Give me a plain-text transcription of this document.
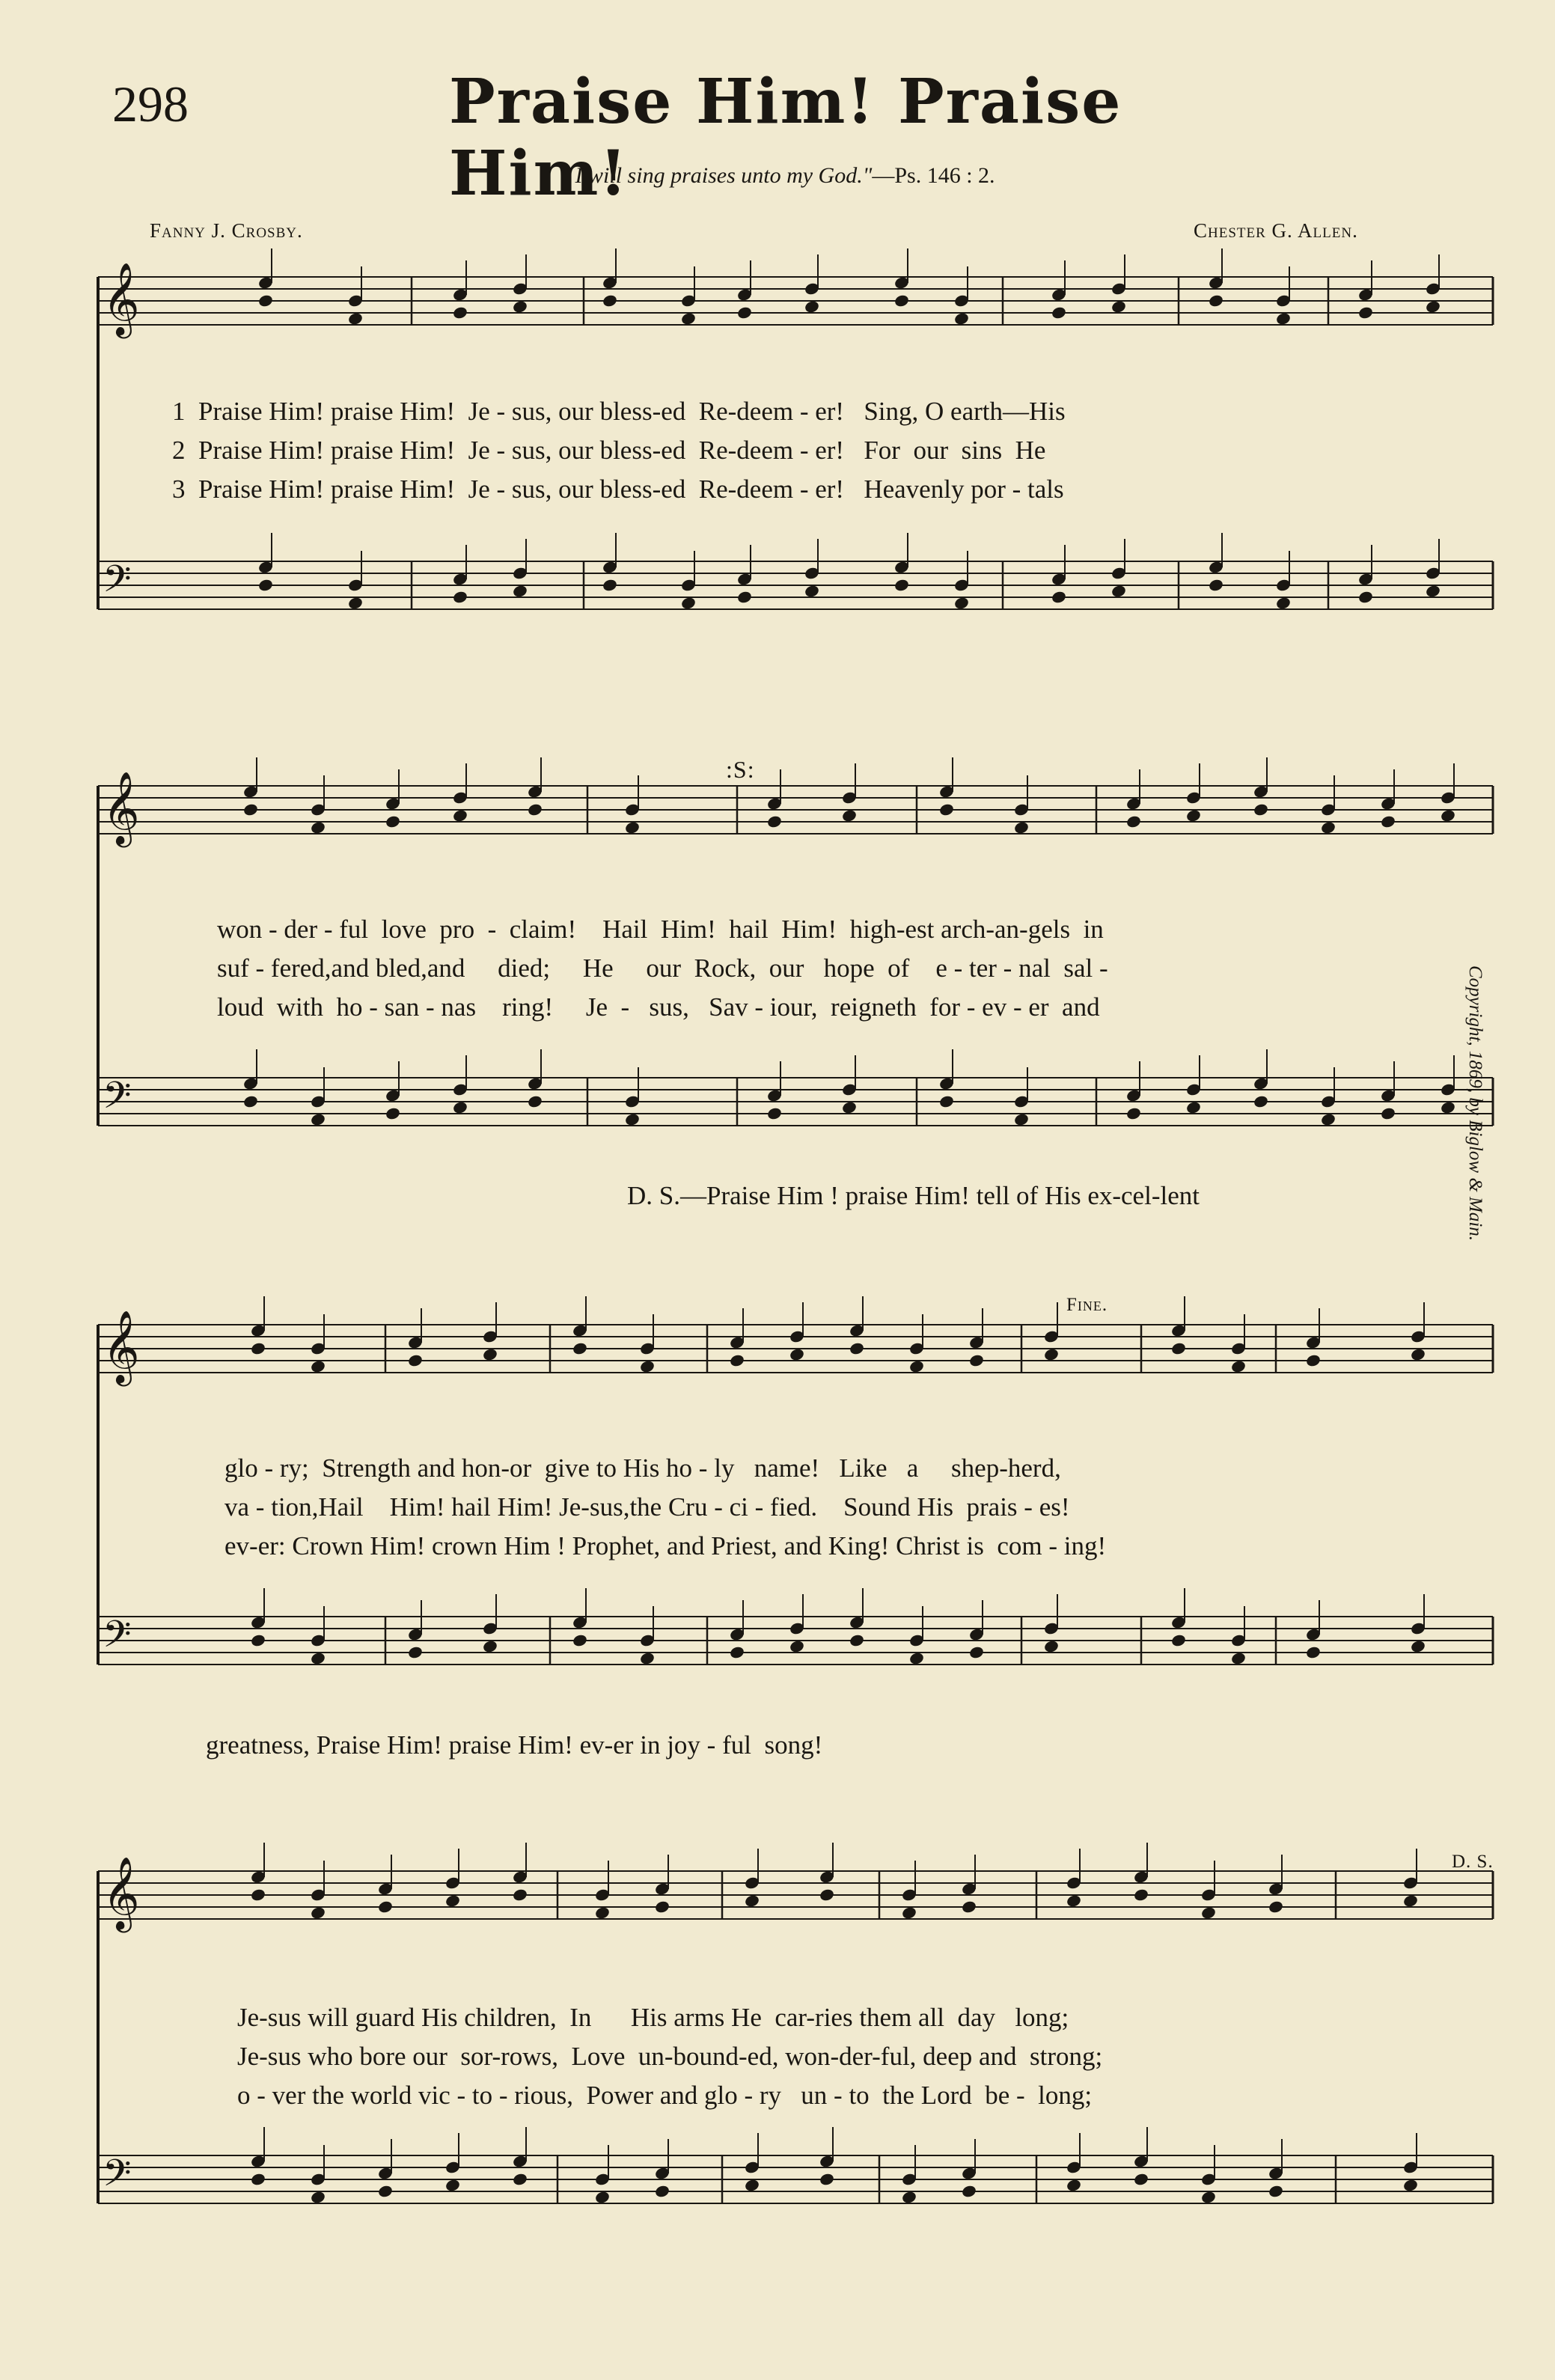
298	Praise Him! Praise Him!
" I will sing praises unto my God."—Ps. 146 : 2.
Fanny J. Crosby.	Chester G. Allen.
𝄞
𝄢
1  Praise Him! praise Him!  Je - sus, our bless-ed  Re-deem - er!   Sing, O earth—His
2  Praise Him! praise Him!  Je - sus, our bless-ed  Re-deem - er!   For  our  sins  He
3  Praise Him! praise Him!  Je - sus, our bless-ed  Re-deem - er!   Heavenly por - tals
𝄞
𝄢
:S:
won - der - ful  love  pro  -  claim!    Hail  Him!  hail  Him!  high-est arch-an-gels  in
suf - fered,and bled,and     died;     He     our  Rock,  our   hope  of    e - ter - nal  sal -
loud  with  ho - san - nas    ring!     Je  -   sus,   Sav - iour,  reigneth  for - ev - er  and
D. S.—Praise Him ! praise Him! tell of His ex-cel-lent
𝄞
𝄢
Fine.
glo - ry;  Strength and hon-or  give to His ho - ly   name!   Like   a     shep-herd,
va - tion,Hail    Him! hail Him! Je-sus,the Cru - ci - fied.    Sound His  prais - es!
ev-er: Crown Him! crown Him ! Prophet, and Priest, and King! Christ is  com - ing!
greatness, Praise Him! praise Him! ev-er in joy - ful  song!
𝄞
𝄢
D. S.
Je-sus will guard His children,  In      His arms He  car-ries them all  day   long;
Je-sus who bore our  sor-rows,  Love  un-bound-ed, won-der-ful, deep and  strong;
o - ver the world vic - to - rious,  Power and glo - ry   un - to  the Lord  be -  long;
Copyright, 1869, by Biglow & Main.
